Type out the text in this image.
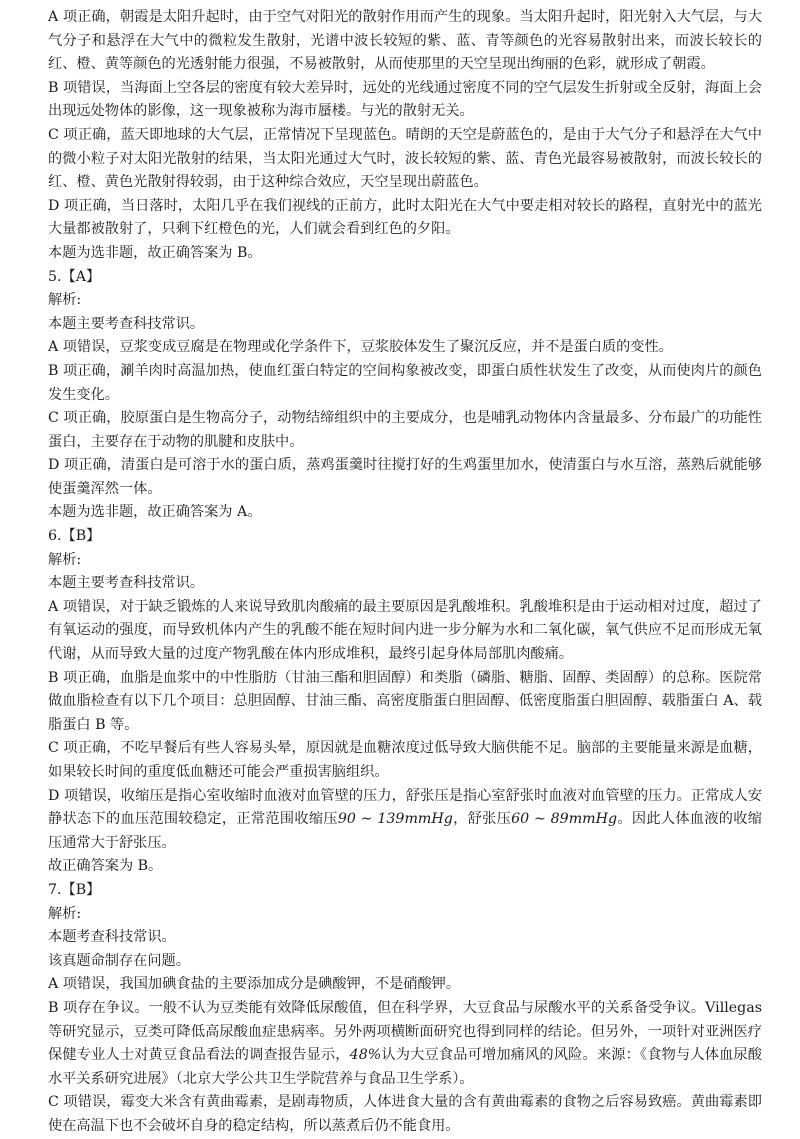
A 项正确，朝霞是太阳升起时，由于空气对阳光的散射作用而产生的现象。当太阳升起时，阳光射入大气层，与大气分子和悬浮在大气中的微粒发生散射，光谱中波长较短的紫、蓝、青等颜色的光容易散射出来，而波长较长的红、橙、黄等颜色的光透射能力很强，不易被散射，从而使那里的天空呈现出绚丽的色彩，就形成了朝霞。

B 项错误，当海面上空各层的密度有较大差异时，远处的光线通过密度不同的空气层发生折射或全反射，海面上会出现远处物体的影像，这一现象被称为海市蜃楼。与光的散射无关。

C 项正确，蓝天即地球的大气层，正常情况下呈现蓝色。晴朗的天空是蔚蓝色的，是由于大气分子和悬浮在大气中的微小粒子对太阳光散射的结果，当太阳光通过大气时，波长较短的紫、蓝、青色光最容易被散射，而波长较长的红、橙、黄色光散射得较弱，由于这种综合效应，天空呈现出蔚蓝色。

D 项正确，当日落时，太阳几乎在我们视线的正前方，此时太阳光在大气中要走相对较长的路程，直射光中的蓝光大量都被散射了，只剩下红橙色的光，人们就会看到红色的夕阳。

本题为选非题，故正确答案为 B。

5.【A】

解析:

本题主要考查科技常识。

A 项错误，豆浆变成豆腐是在物理或化学条件下，豆浆胶体发生了聚沉反应，并不是蛋白质的变性。

B 项正确，涮羊肉时高温加热，使血红蛋白特定的空间构象被改变，即蛋白质性状发生了改变，从而使肉片的颜色发生变化。

C 项正确，胶原蛋白是生物高分子，动物结缔组织中的主要成分，也是哺乳动物体内含量最多、分布最广的功能性蛋白，主要存在于动物的肌腱和皮肤中。

D 项正确，清蛋白是可溶于水的蛋白质，蒸鸡蛋羹时往搅打好的生鸡蛋里加水，使清蛋白与水互溶，蒸熟后就能够使蛋羹浑然一体。

本题为选非题，故正确答案为 A。

6.【B】

解析:

本题主要考查科技常识。

A 项错误，对于缺乏锻炼的人来说导致肌肉酸痛的最主要原因是乳酸堆积。乳酸堆积是由于运动相对过度，超过了有氧运动的强度，而导致机体内产生的乳酸不能在短时间内进一步分解为水和二氧化碳，氧气供应不足而形成无氧代谢，从而导致大量的过度产物乳酸在体内形成堆积，最终引起身体局部肌肉酸痛。

B 项正确，血脂是血浆中的中性脂肪（甘油三酯和胆固醇）和类脂（磷脂、糖脂、固醇、类固醇）的总称。医院常做血脂检查有以下几个项目：总胆固醇、甘油三酯、高密度脂蛋白胆固醇、低密度脂蛋白胆固醇、载脂蛋白 A、载脂蛋白 B 等。

C 项正确，不吃早餐后有些人容易头晕，原因就是血糖浓度过低导致大脑供能不足。脑部的主要能量来源是血糖，如果较长时间的重度低血糖还可能会严重损害脑组织。

D 项错误，收缩压是指心室收缩时血液对血管壁的压力，舒张压是指心室舒张时血液对血管壁的压力。正常成人安静状态下的血压范围较稳定，正常范围收缩压90 ∼ 139mmHg，舒张压60 ∼ 89mmHg。因此人体血液的收缩压通常大于舒张压。

故正确答案为 B。

7.【B】

解析:

本题考查科技常识。

该真题命制存在问题。

A 项错误，我国加碘食盐的主要添加成分是碘酸钾，不是硝酸钾。

B 项存在争议。一般不认为豆类能有效降低尿酸值，但在科学界，大豆食品与尿酸水平的关系备受争议。Villegas 等研究显示，豆类可降低高尿酸血症患病率。另外两项横断面研究也得到同样的结论。但另外，一项针对亚洲医疗保健专业人士对黄豆食品看法的调查报告显示，48%认为大豆食品可增加痛风的风险。来源：《食物与人体血尿酸水平关系研究进展》（北京大学公共卫生学院营养与食品卫生学系）。

C 项错误，霉变大米含有黄曲霉素，是剧毒物质，人体进食大量的含有黄曲霉素的食物之后容易致癌。黄曲霉素即使在高温下也不会破坏自身的稳定结构，所以蒸煮后仍不能食用。
